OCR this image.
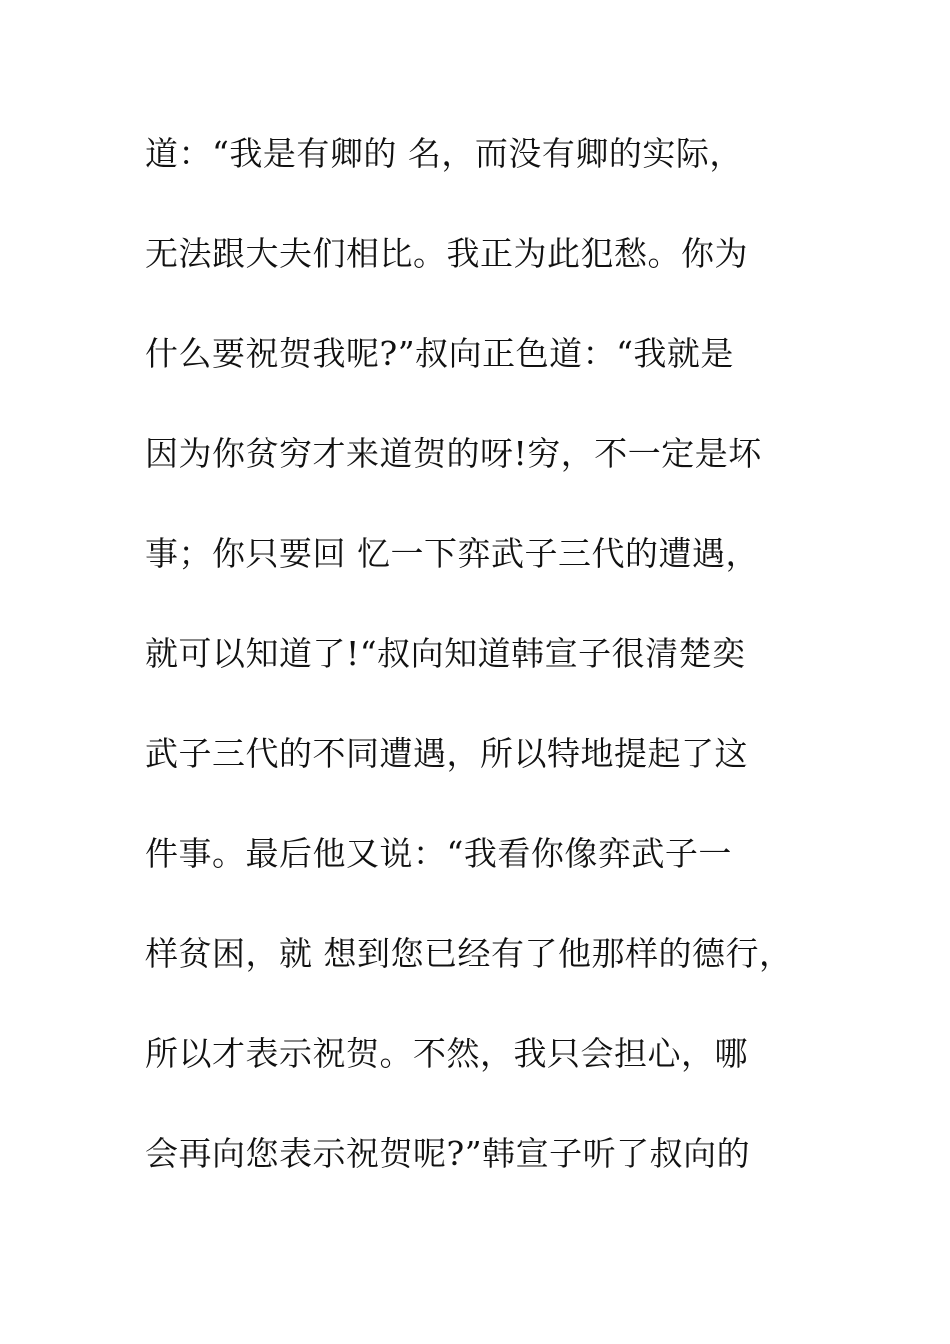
道：“我是有卿的 名，而没有卿的实际，
无法跟大夫们相比。我正为此犯愁。你为
什么要祝贺我呢?”叔向正色道：“我就是
因为你贫穷才来道贺的呀!穷，不一定是坏
事；你只要回 忆一下弈武子三代的遭遇，
就可以知道了!“叔向知道韩宣子很清楚奕
武子三代的不同遭遇，所以特地提起了这
件事。最后他又说：“我看你像弈武子一
样贫困，就 想到您已经有了他那样的德行，
所以才表示祝贺。不然，我只会担心，哪
会再向您表示祝贺呢?”韩宣子听了叔向的
